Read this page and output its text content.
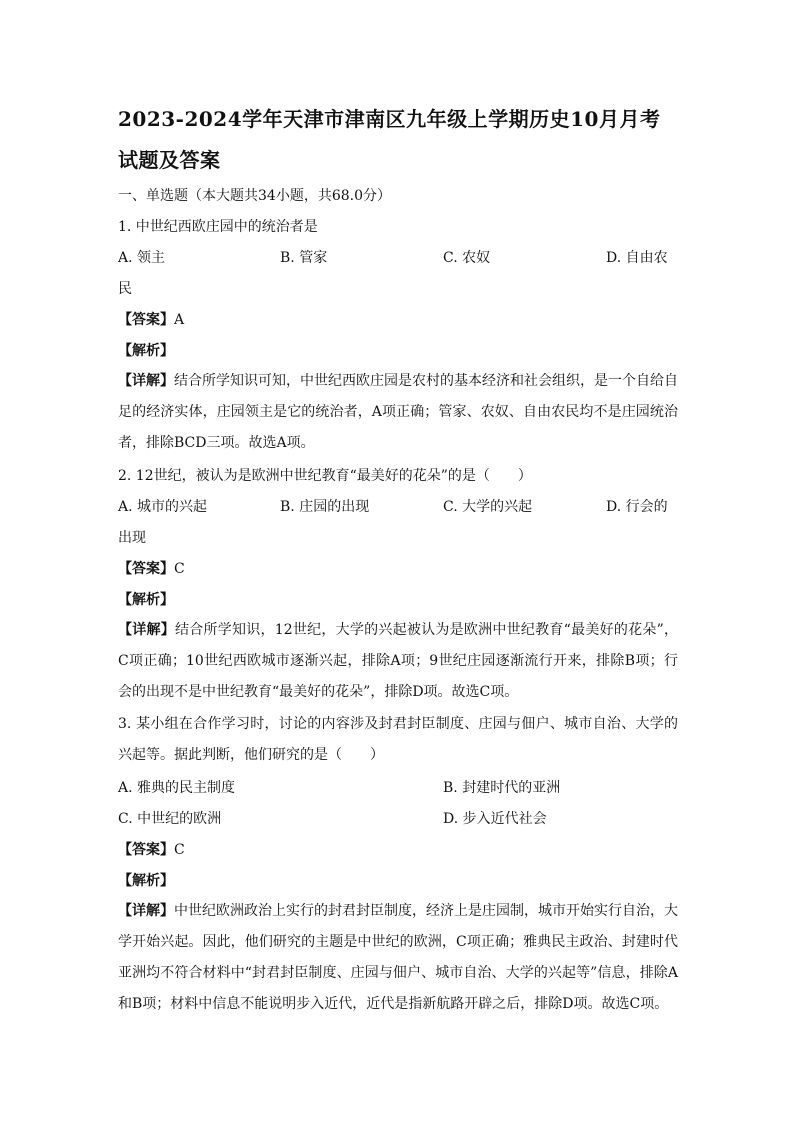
2023-2024学年天津市津南区九年级上学期历史10月月考
试题及答案
一、单选题（本大题共34小题，共68.0分）
1. 中世纪西欧庄园中的统治者是
A. 领主	B. 管家	C. 农奴	D. 自由农
民
【答案】A
【解析】
【详解】结合所学知识可知，中世纪西欧庄园是农村的基本经济和社会组织，是一个自给自足的经济实体，庄园领主是它的统治者，A项正确；管家、农奴、自由农民均不是庄园统治者，排除BCD三项。故选A项。
2. 12世纪，被认为是欧洲中世纪教育“最美好的花朵”的是（　　）
A. 城市的兴起	B. 庄园的出现	C. 大学的兴起	D. 行会的
出现
【答案】C
【解析】
【详解】结合所学知识，12世纪，大学的兴起被认为是欧洲中世纪教育“最美好的花朵”，C项正确；10世纪西欧城市逐渐兴起，排除A项；9世纪庄园逐渐流行开来，排除B项；行会的出现不是中世纪教育“最美好的花朵”，排除D项。故选C项。
3. 某小组在合作学习时，讨论的内容涉及封君封臣制度、庄园与佃户、城市自治、大学的兴起等。据此判断，他们研究的是（　　）
A. 雅典的民主制度	B. 封建时代的亚洲
C. 中世纪的欧洲	D. 步入近代社会
【答案】C
【解析】
【详解】中世纪欧洲政治上实行的封君封臣制度，经济上是庄园制，城市开始实行自治，大学开始兴起。因此，他们研究的主题是中世纪的欧洲，C项正确；雅典民主政治、封建时代亚洲均不符合材料中“封君封臣制度、庄园与佃户、城市自治、大学的兴起等”信息，排除A和B项；材料中信息不能说明步入近代，近代是指新航路开辟之后，排除D项。故选C项。
